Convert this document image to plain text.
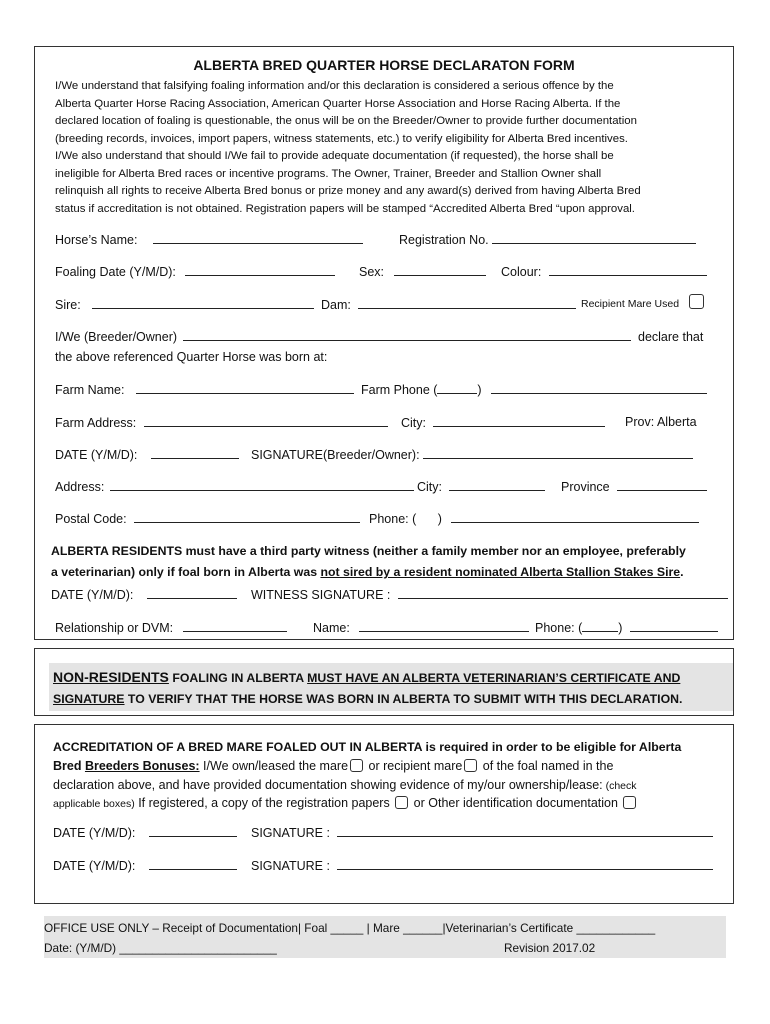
ALBERTA BRED QUARTER HORSE DECLARATON FORM
I/We understand that falsifying foaling information and/or this declaration is considered a serious offence by the
Alberta Quarter Horse Racing Association, American Quarter Horse Association and Horse Racing Alberta. If the
declared location of foaling is questionable, the onus will be on the Breeder/Owner to provide further documentation
(breeding records, invoices, import papers, witness statements, etc.) to verify eligibility for Alberta Bred incentives.
I/We also understand that should I/We fail to provide adequate documentation (if requested), the horse shall be
ineligible for Alberta Bred races or incentive programs. The Owner, Trainer, Breeder and Stallion Owner shall
relinquish all rights to receive Alberta Bred bonus or prize money and any award(s) derived from having Alberta Bred
status if accreditation is not obtained. Registration papers will be stamped “Accredited Alberta Bred “upon approval.
Horse’s Name:	Registration No.
Foaling Date (Y/M/D):	Sex:	Colour:
Sire:	Dam:	Recipient Mare Used
I/We (Breeder/Owner)	declare that
the above referenced Quarter Horse was born at:
Farm Name:	Farm Phone (	)
Farm Address:	City:	Prov: Alberta
DATE (Y/M/D):	SIGNATURE(Breeder/Owner):
Address:	City:	Province
Postal Code:	Phone: ( )
ALBERTA RESIDENTS must have a third party witness (neither a family member nor an employee, preferably
a veterinarian) only if foal born in Alberta was not sired by a resident nominated Alberta Stallion Stakes Sire.
DATE (Y/M/D):	WITNESS SIGNATURE :
Relationship or DVM:	Name:	Phone: (	)
NON-RESIDENTS FOALING IN ALBERTA MUST HAVE AN ALBERTA VETERINARIAN’S CERTIFICATE AND
SIGNATURE TO VERIFY THAT THE HORSE WAS BORN IN ALBERTA TO SUBMIT WITH THIS DECLARATION.
ACCREDITATION OF A BRED MARE FOALED OUT IN ALBERTA is required in order to be eligible for Alberta
Bred Breeders Bonuses: I/We own/leased the mare or recipient mare of the foal named in the
declaration above, and have provided documentation showing evidence of my/our ownership/lease: (check
applicable boxes) If registered, a copy of the registration papers  or Other identification documentation
DATE (Y/M/D):	SIGNATURE :
DATE (Y/M/D):	SIGNATURE :
OFFICE USE ONLY – Receipt of Documentation| Foal _____ | Mare ______|Veterinarian’s Certificate ____________
Date: (Y/M/D) ________________________	Revision 2017.02
